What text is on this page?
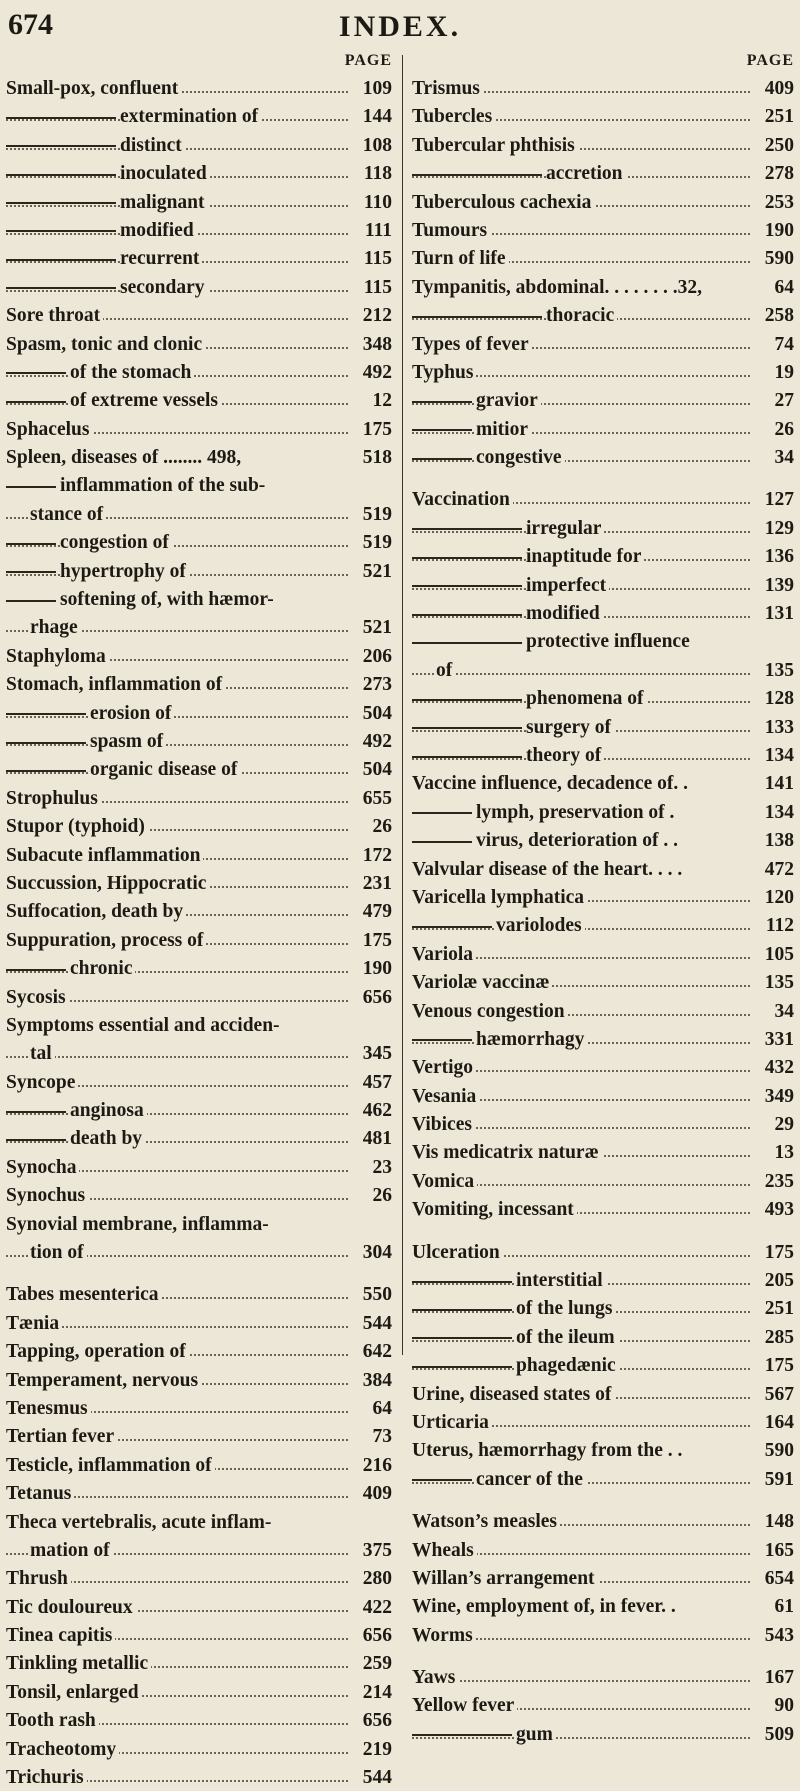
674	INDEX.
PAGE
Small-pox, confluent	109
extermination of	144
distinct	108
inoculated	118
malignant	110
modified	111
recurrent	115
secondary	115
Sore throat	212
Spasm, tonic and clonic	348
of the stomach	492
of extreme vessels	12
Sphacelus	175
Spleen, diseases of ........ 498,	518
inflammation of the sub-
stance of	519
congestion of	519
hypertrophy of	521
softening of, with hæmor-
rhage	521
Staphyloma	206
Stomach, inflammation of	273
erosion of	504
spasm of	492
organic disease of	504
Strophulus	655
Stupor (typhoid)	26
Subacute inflammation	172
Succussion, Hippocratic	231
Suffocation, death by	479
Suppuration, process of	175
chronic	190
Sycosis	656
Symptoms essential and acciden-
tal	345
Syncope	457
anginosa	462
death by	481
Synocha	23
Synochus	26
Synovial membrane, inflamma-
tion of	304
Tabes mesenterica	550
Tænia	544
Tapping, operation of	642
Temperament, nervous	384
Tenesmus	64
Tertian fever	73
Testicle, inflammation of	216
Tetanus	409
Theca vertebralis, acute inflam-
mation of	375
Thrush	280
Tic douloureux	422
Tinea capitis	656
Tinkling metallic	259
Tonsil, enlarged	214
Tooth rash	656
Tracheotomy	219
Trichuris	544
PAGE
Trismus	409
Tubercles	251
Tubercular phthisis	250
accretion	278
Tuberculous cachexia	253
Tumours	190
Turn of life	590
Tympanitis, abdominal. . . . . . . .32,	64
thoracic	258
Types of fever	74
Typhus	19
gravior	27
mitior	26
congestive	34
Vaccination	127
irregular	129
inaptitude for	136
imperfect	139
modified	131
protective influence
of	135
phenomena of	128
surgery of	133
theory of	134
Vaccine influence, decadence of. .	141
lymph, preservation of .	134
virus, deterioration of . .	138
Valvular disease of the heart. . . .	472
Varicella lymphatica	120
variolodes	112
Variola	105
Variolæ vaccinæ	135
Venous congestion	34
hæmorrhagy	331
Vertigo	432
Vesania	349
Vibices	29
Vis medicatrix naturæ	13
Vomica	235
Vomiting, incessant	493
Ulceration	175
interstitial	205
of the lungs	251
of the ileum	285
phagedænic	175
Urine, diseased states of	567
Urticaria	164
Uterus, hæmorrhagy from the . .	590
cancer of the	591
Watson’s measles	148
Wheals	165
Willan’s arrangement	654
Wine, employment of, in fever. .	61
Worms	543
Yaws	167
Yellow fever	90
gum	509
